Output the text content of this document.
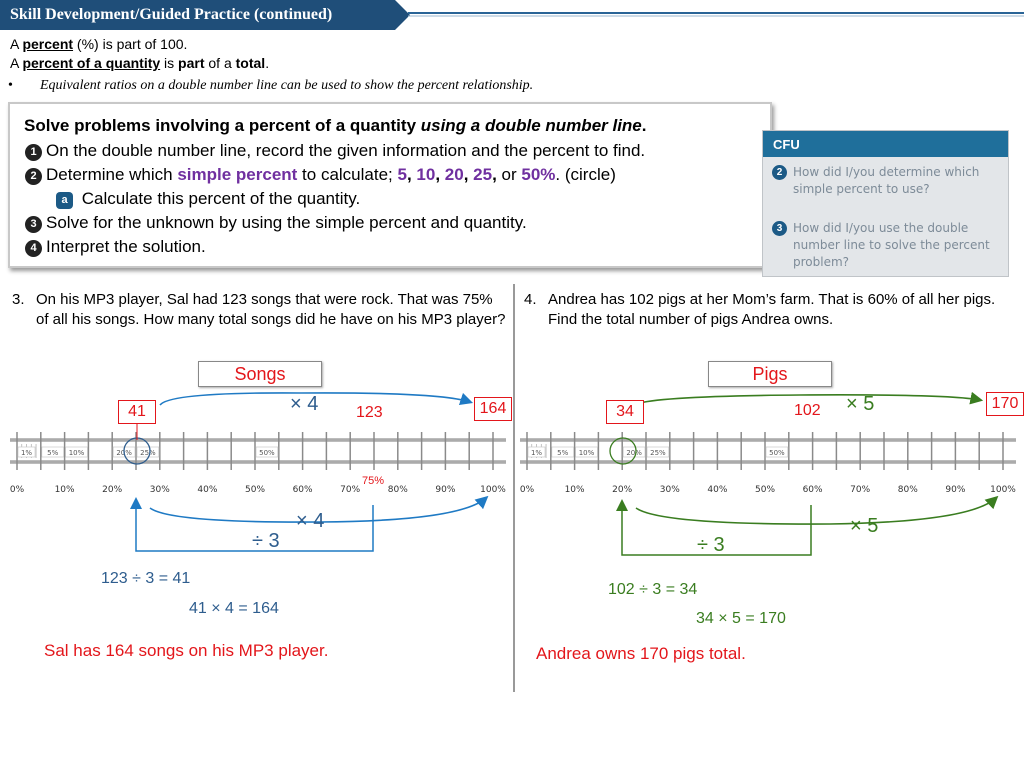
Skill Development/Guided Practice (continued)
A percent (%) is part of 100.
A percent of a quantity is part of a total.
• Equivalent ratios on a double number line can be used to show the percent relationship.
Solve problems involving a percent of a quantity using a double number line.
1 On the double number line, record the given information and the percent to find.
2 Determine which simple percent to calculate; 5, 10, 20, 25, or 50%. (circle)
a Calculate this percent of the quantity.
3 Solve for the unknown by using the simple percent and quantity.
4 Interpret the solution.
CFU
2 How did I/you determine which simple percent to use?
3 How did I/you use the double number line to solve the percent problem?
3. On his MP3 player, Sal had 123 songs that were rock. That was 75% of all his songs. How many total songs did he have on his MP3 player?
4. Andrea has 102 pigs at her Mom’s farm. That is 60% of all her pigs. Find the total number of pigs Andrea owns.
1% 5% 10%	20% 25%	50%
0%	10%	20%	30%	40%	50%	60%	70%	80%	90%	100%
1% 5% 10%	20% 25%	50%
0%	10%	20%	30%	40%	50%	60%	70%	80%	90%	100%
Songs
41	123	164
× 4
75%
× 4
÷ 3
123 ÷ 3 = 41
41 × 4 = 164
Sal has 164 songs on his MP3 player.
Pigs
34	102	170
× 5
× 5
÷ 3
102 ÷ 3 = 34
34 × 5 = 170
Andrea owns 170 pigs total.
